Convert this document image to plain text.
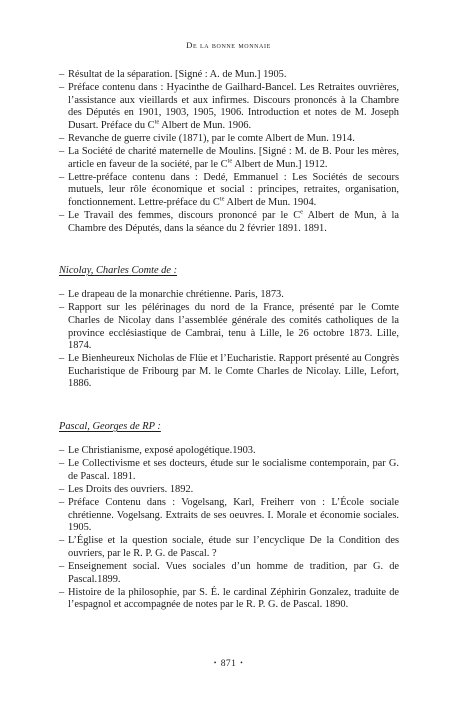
De la bonne monnaie
– Résultat de la séparation. [Signé : A. de Mun.] 1905.
– Préface contenu dans : Hyacinthe de Gailhard-Bancel. Les Retraites ouvrières, l’assistance aux vieillards et aux infirmes. Discours prononcés à la Chambre des Députés en 1901, 1903, 1905, 1906. Introduction et notes de M. Joseph Dusart. Préface du $C^{te}$ Albert de Mun. 1906.
– Revanche de guerre civile (1871), par le comte Albert de Mun. 1914.
– La Société de charité maternelle de Moulins. [Signé : M. de B. Pour les mères, article en faveur de la société, par le $C^{te}$ Albert de Mun.] 1912.
– Lettre-préface contenu dans : Dedé, Emmanuel : Les Sociétés de secours mutuels, leur rôle économique et social : principes, retraites, organisation, fonctionnement. Lettre-préface du $C^{te}$ Albert de Mun. 1904.
– Le Travail des femmes, discours prononcé par le Ce Albert de Mun, à la Chambre des Députés, dans la séance du 2 février 1891. 1891.
Nicolay, Charles Comte de :
– Le drapeau de la monarchie chrétienne. Paris, 1873.
– Rapport sur les pélérinages du nord de la France, présenté par le Comte Charles de Nicolay dans l’assemblée générale des comités catholiques de la province ecclésiastique de Cambrai, tenu à Lille, le 26 octobre 1873. Lille, 1874.
– Le Bienheureux Nicholas de Flüe et l’Eucharistie. Rapport présenté au Congrès Eucharistique de Fribourg par M. le Comte Charles de Nicolay. Lille, Lefort, 1886.
Pascal, Georges de RP :
– Le Christianisme, exposé apologétique.1903.
– Le Collectivisme et ses docteurs, étude sur le socialisme contemporain, par G. de Pascal. 1891.
– Les Droits des ouvriers. 1892.
– Préface Contenu dans : Vogelsang, Karl, Freiherr von : L’École sociale chrétienne. Vogelsang. Extraits de ses oeuvres. I. Morale et économie sociales. 1905.
– L’Église et la question sociale, étude sur l’encyclique De la Condition des ouvriers, par le R. P. G. de Pascal. ?
– Enseignement social. Vues sociales d’un homme de tradition, par G. de Pascal.1899.
– Histoire de la philosophie, par S. É. le cardinal Zéphirin Gonzalez, traduite de l’espagnol et accompagnée de notes par le R. P. G. de Pascal. 1890.
• 871 •
